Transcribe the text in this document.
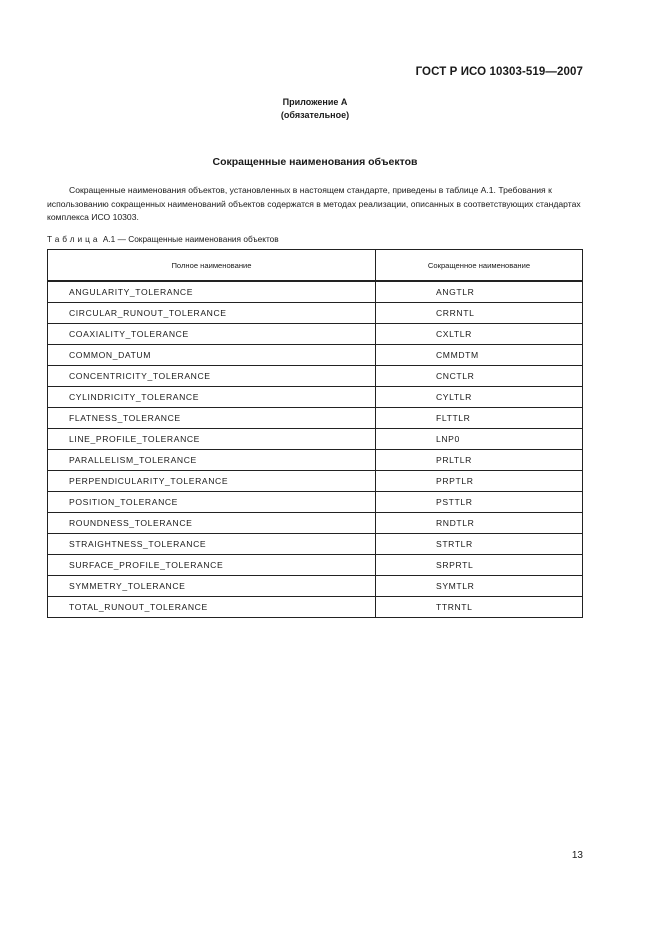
ГОСТ Р ИСО 10303-519—2007
Приложение А
(обязательное)
Сокращенные наименования объектов

Сокращенные наименования объектов, установленных в настоящем стандарте, приведены в таблице А.1. Требования к использованию сокращенных наименований объектов содержатся в методах реализации, описанных в соответствующих стандартах комплекса ИСО 10303.

Таблица А.1 — Сокращенные наименования объектов
Полное наименование	Сокращенное наименование
ANGULARITY_TOLERANCE	ANGTLR
CIRCULAR_RUNOUT_TOLERANCE	CRRNTL
COAXIALITY_TOLERANCE	CXLTLR
COMMON_DATUM	CMMDTM
CONCENTRICITY_TOLERANCE	CNCTLR
CYLINDRICITY_TOLERANCE	CYLTLR
FLATNESS_TOLERANCE	FLTTLR
LINE_PROFILE_TOLERANCE	LNP0
PARALLELISM_TOLERANCE	PRLTLR
PERPENDICULARITY_TOLERANCE	PRPTLR
POSITION_TOLERANCE	PSTTLR
ROUNDNESS_TOLERANCE	RNDTLR
STRAIGHTNESS_TOLERANCE	STRTLR
SURFACE_PROFILE_TOLERANCE	SRPRTL
SYMMETRY_TOLERANCE	SYMTLR
TOTAL_RUNOUT_TOLERANCE	TTRNTL
13
